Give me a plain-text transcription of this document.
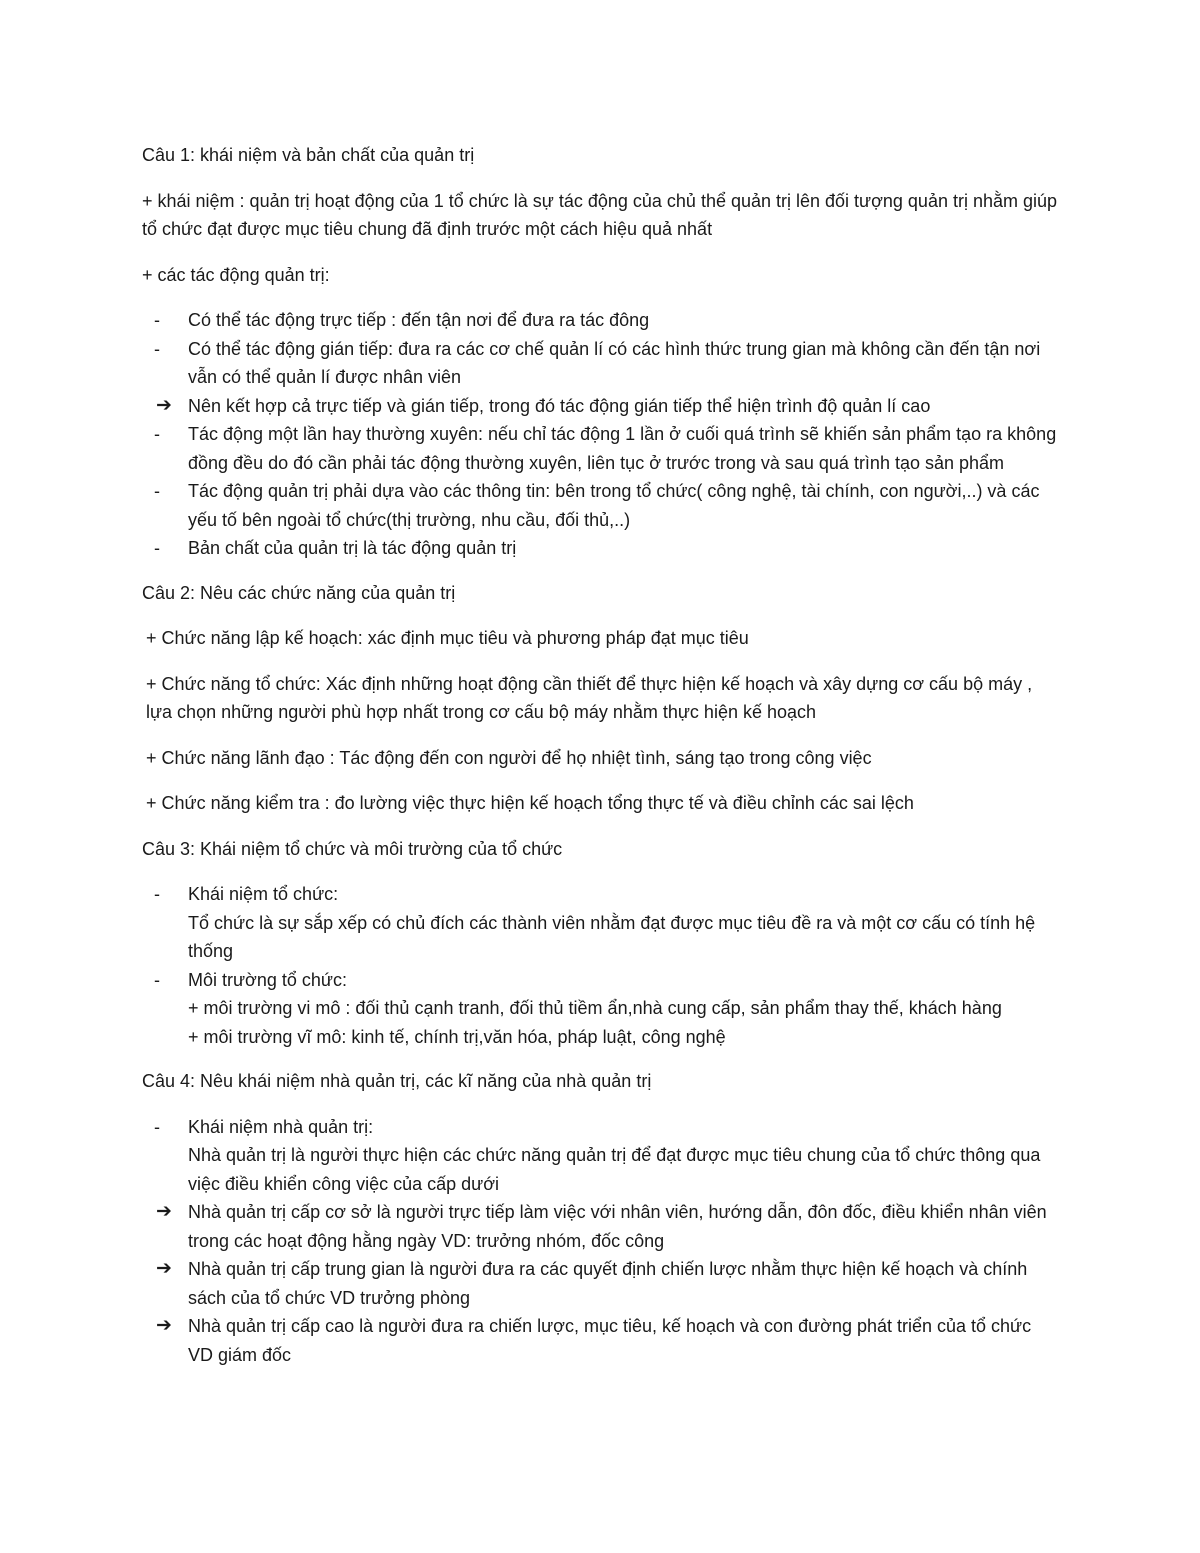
Câu 1: khái niệm và bản chất của quản trị

+ khái niệm : quản trị hoạt động của 1 tổ chức là sự tác động của chủ thể quản trị lên đối tượng quản trị nhằm giúp tổ chức đạt được mục tiêu chung đã định trước một cách hiệu quả nhất

+ các tác động quản trị:

-	Có thể tác động trực tiếp : đến tận nơi để đưa ra tác đông
-	Có thể tác động gián tiếp: đưa ra các cơ chế quản lí có các hình thức trung gian mà không cần đến tận nơi vẫn có thể quản lí được nhân viên
➔ Nên kết hợp cả trực tiếp và gián tiếp, trong đó tác động gián tiếp thể hiện trình độ quản lí cao
-	Tác động một lần hay thường xuyên: nếu chỉ tác động 1 lần ở cuối quá trình sẽ khiến sản phẩm tạo ra không đồng đều do đó cần phải tác động thường xuyên, liên tục ở trước trong và sau quá trình tạo sản phẩm
-	Tác động quản trị phải dựa vào các thông tin: bên trong tổ chức( công nghệ, tài chính, con người,..) và các yếu tố bên ngoài tổ chức(thị trường, nhu cầu, đối thủ,..)
-	Bản chất của quản trị là tác động quản trị

Câu 2: Nêu các chức năng của quản trị

+ Chức năng lập kế hoạch: xác định mục tiêu và phương pháp đạt mục tiêu

+ Chức năng tổ chức: Xác định những hoạt động cần thiết để thực hiện kế hoạch và xây dựng cơ cấu bộ máy , lựa chọn những người phù hợp nhất trong cơ cấu bộ máy nhằm thực hiện kế hoạch

+ Chức năng lãnh đạo : Tác động đến con người để họ nhiệt tình, sáng tạo trong công việc

+ Chức năng kiểm tra : đo lường việc thực hiện kế hoạch tổng thực tế và điều chỉnh các sai lệch

Câu 3: Khái niệm tổ chức và môi trường của tổ chức

-	Khái niệm tổ chức:
Tổ chức là sự sắp xếp có chủ đích các thành viên nhằm đạt được mục tiêu đề ra và một cơ cấu có tính hệ thống
-	Môi trường tổ chức:
+ môi trường vi mô : đối thủ cạnh tranh, đối thủ tiềm ẩn,nhà cung cấp, sản phẩm thay thế, khách hàng
+ môi trường vĩ mô: kinh tế, chính trị,văn hóa, pháp luật, công nghệ

Câu 4: Nêu khái niệm nhà quản trị, các kĩ năng của nhà quản trị

-	Khái niệm nhà quản trị:
Nhà quản trị là người thực hiện các chức năng quản trị để đạt được mục tiêu chung của tổ chức thông qua việc điều khiển công việc của cấp dưới
➔ Nhà quản trị cấp cơ sở là người trực tiếp làm việc với nhân viên, hướng dẫn, đôn đốc, điều khiển nhân viên trong các hoạt động hằng ngày VD: trưởng nhóm, đốc công
➔ Nhà quản trị cấp trung gian là người đưa ra các quyết định chiến lược nhằm thực hiện kế hoạch và chính sách của tổ chức VD trưởng phòng
➔ Nhà quản trị cấp cao là người đưa ra chiến lược, mục tiêu, kế hoạch và con đường phát triển của tổ chức VD giám đốc
